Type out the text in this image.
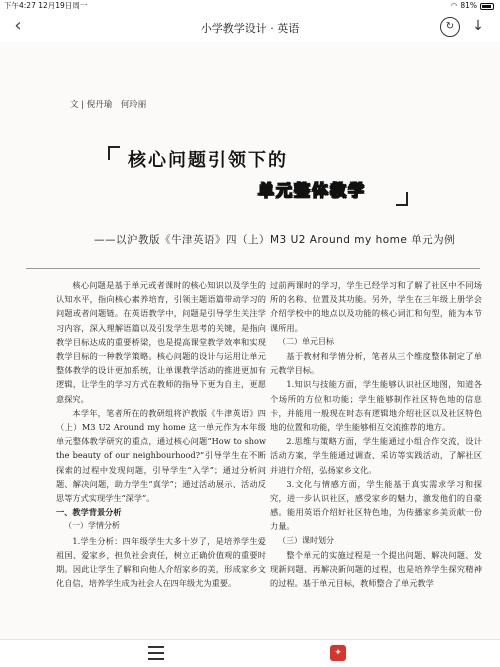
下午4:27 12月19日周一	◠ 81%
‹	小学教学设计 · 英语	↻	↓
文 | 倪丹瑜　何玲丽
核心问题引领下的
单元整体教学
——以沪教版《牛津英语》四（上）M3 U2 Around my home 单元为例

核心问题是基于单元或者课时的核心知识以及学生的认知水平，指向核心素养培育，引领主题语篇带动学习的问题或者问题链。在英语教学中，问题是引导学生关注学习内容，深入理解语篇以及引发学生思考的关键，是指向教学目标达成的重要桥梁，也是提高课堂教学效率和实现教学目标的一种教学策略。核心问题的设计与运用让单元整体教学的设计更加系统，让单课教学活动的推进更加有逻辑，让学生的学习方式在教师的指导下更为自主，更愿意探究。

本学年，笔者所在的教研组将沪教版《牛津英语》四（上）M3 U2 Around my home 这一单元作为本年级单元整体教学研究的重点，通过核心问题“How to show the beauty of our neighbourhood?”引导学生在不断探索的过程中发现问题，引导学生“入学”；通过分析问题、解决问题，助力学生“真学”；通过活动展示、活动反思等方式实现学生“深学”。

一、教学背景分析

（一）学情分析

1.学生分析：四年级学生大多十岁了，是培养学生爱祖国、爱家乡，担负社会责任，树立正确价值观的重要时期。因此让学生了解和向他人介绍家乡的美，形成家乡文化自信，培养学生成为社会人在四年级尤为重要。

过前两课时的学习，学生已经学习和了解了社区中不同场所的名称、位置及其功能。另外，学生在三年级上册学会介绍学校中的地点以及功能的核心词汇和句型，能为本节课所用。

（二）单元目标

基于教材和学情分析，笔者从三个维度整体制定了单元教学目标。

1.知识与技能方面，学生能够认识社区地图，知道各个场所的方位和功能；学生能够制作社区特色地的信息卡，并能用一般现在时态有逻辑地介绍社区以及社区特色地的位置和功能，学生能够相互交流推荐的地方。

2.思维与策略方面，学生能通过小组合作交流，设计活动方案，学生能通过调查、采访等实践活动，了解社区并进行介绍，弘扬家乡文化。

3.文化与情感方面，学生能基于真实需求学习和探究，进一步认识社区，感受家乡的魅力，激发他们的自豪感。能用英语介绍好社区特色地，为传播家乡美贡献一份力量。

（三）课时划分

整个单元的实施过程是一个提出问题、解决问题、发现新问题、再解决新问题的过程，也是培养学生探究精神的过程。基于单元目标，教师整合了单元教学

✦
